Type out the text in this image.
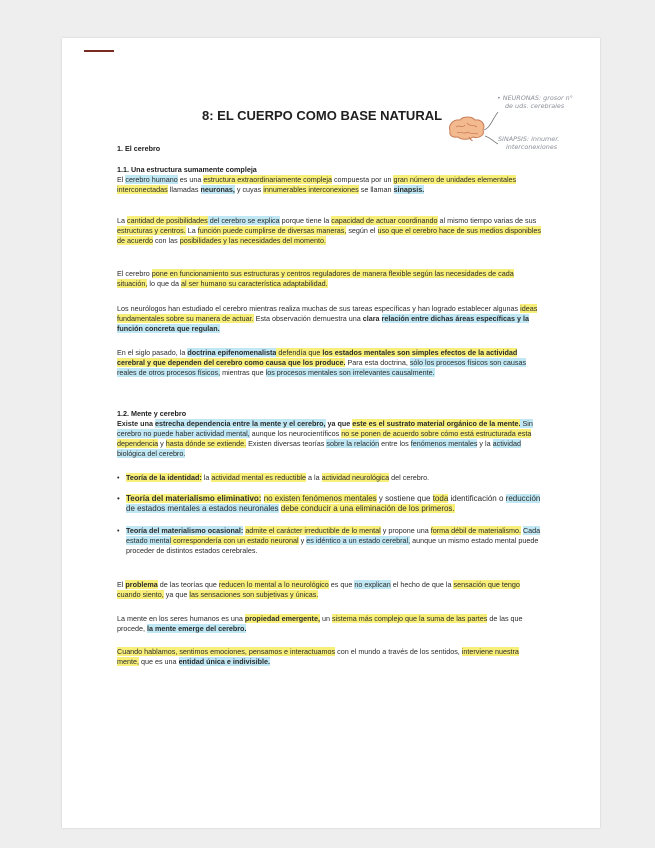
8: EL CUERPO COMO BASE NATURAL
• NEURONAS: grosor n°
de uds. cerebrales
SINAPSIS: innumer.
interconexiones
1. El cerebro
1.1. Una estructura sumamente compleja
El cerebro humano es una estructura extraordinariamente compleja compuesta por un gran número de unidades elementales interconectadas llamadas neuronas, y cuyas innumerables interconexiones se llaman sinapsis.
La cantidad de posibilidades del cerebro se explica porque tiene la capacidad de actuar coordinando al mismo tiempo varias de sus estructuras y centros. La función puede cumplirse de diversas maneras, según el uso que el cerebro hace de sus medios disponibles de acuerdo con las posibilidades y las necesidades del momento.
El cerebro pone en funcionamiento sus estructuras y centros reguladores de manera flexible según las necesidades de cada situación, lo que da al ser humano su característica adaptabilidad.
Los neurólogos han estudiado el cerebro mientras realiza muchas de sus tareas específicas y han logrado establecer algunas ideas fundamentales sobre su manera de actuar. Esta observación demuestra una clara relación entre dichas áreas específicas y la función concreta que regulan.
En el siglo pasado, la doctrina epifenomenalista defendía que los estados mentales son simples efectos de la actividad cerebral y que dependen del cerebro como causa que los produce. Para esta doctrina, sólo los procesos físicos son causas reales de otros procesos físicos, mientras que los procesos mentales son irrelevantes causalmente.
1.2. Mente y cerebro
Existe una estrecha dependencia entre la mente y el cerebro, ya que este es el sustrato material orgánico de la mente. Sin cerebro no puede haber actividad mental, aunque los neurocientíficos no se ponen de acuerdo sobre cómo está estructurada esta dependencia y hasta dónde se extiende. Existen diversas teorías sobre la relación entre los fenómenos mentales y la actividad biológica del cerebro.
• Teoría de la identidad: la actividad mental es reductible a la actividad neurológica del cerebro.
• Teoría del materialismo eliminativo: no existen fenómenos mentales y sostiene que toda identificación o reducción de estados mentales a estados neuronales debe conducir a una eliminación de los primeros.
• Teoría del materialismo ocasional: admite el carácter irreductible de lo mental y propone una forma débil de materialismo. Cada estado mental correspondería con un estado neuronal y es idéntico a un estado cerebral, aunque un mismo estado mental puede proceder de distintos estados cerebrales.
El problema de las teorías que reducen lo mental a lo neurológico es que no explican el hecho de que la sensación que tengo cuando siento, ya que las sensaciones son subjetivas y únicas.
La mente en los seres humanos es una propiedad emergente, un sistema más complejo que la suma de las partes de las que procede, la mente emerge del cerebro.
Cuando hablamos, sentimos emociones, pensamos e interactuamos con el mundo a través de los sentidos, interviene nuestra mente, que es una entidad única e indivisible.
